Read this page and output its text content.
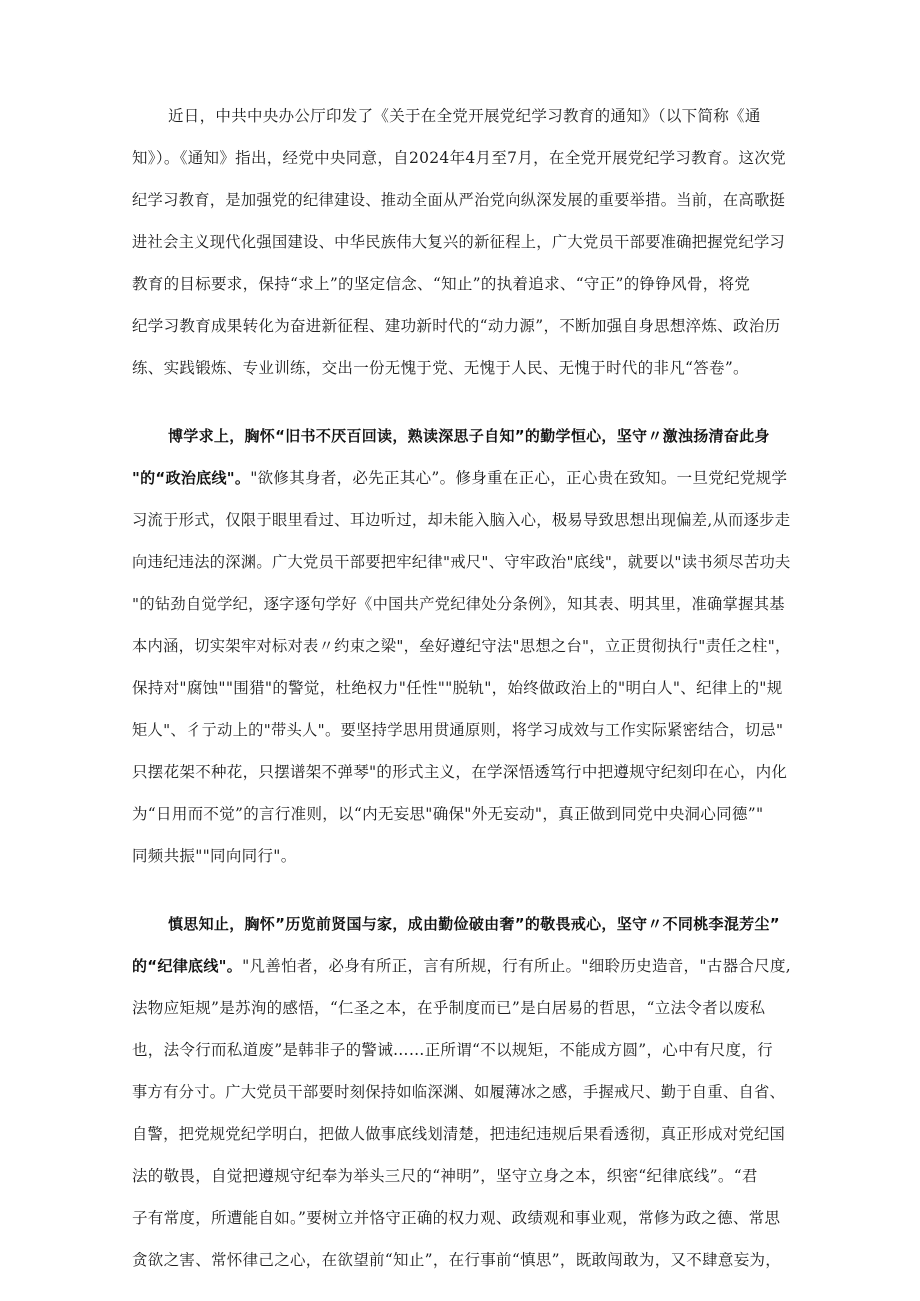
近日，中共中央办公厅印发了《关于在全党开展党纪学习教育的通知》（以下简称《通
知》）。《通知》指出，经党中央同意，自2024年4月至7月，在全党开展党纪学习教育。这次党
纪学习教育，是加强党的纪律建设、推动全面从严治党向纵深发展的重要举措。当前，在高歌挺
进社会主义现代化强国建设、中华民族伟大复兴的新征程上，广大党员干部要准确把握党纪学习
教育的目标要求，保持“求上”的坚定信念、“知止”的执着追求、“守正”的铮铮风骨，将党
纪学习教育成果转化为奋进新征程、建功新时代的“动力源”，不断加强自身思想淬炼、政治历
练、实践锻炼、专业训练，交出一份无愧于党、无愧于人民、无愧于时代的非凡“答卷”。
博学求上，胸怀“旧书不厌百回读，熟读深思子自知”的勤学恒心，坚守〃激浊扬清奋此身
"的“政治底线"。"欲修其身者，必先正其心”。修身重在正心，正心贵在致知。一旦党纪党规学
习流于形式，仅限于眼里看过、耳边听过，却未能入脑入心，极易导致思想出现偏差,从而逐步走
向违纪违法的深渊。广大党员干部要把牢纪律"戒尺"、守牢政治"底线"，就要以"读书须尽苦功夫
"的钻劲自觉学纪，逐字逐句学好《中国共产党纪律处分条例》，知其表、明其里，准确掌握其基
本内涵，切实架牢对标对表〃约束之梁"，垒好遵纪守法"思想之台"，立正贯彻执行"责任之柱"，
保持对"腐蚀""围猎"的警觉，杜绝权力"任性""脱轨"，始终做政治上的"明白人"、纪律上的"规
矩人"、彳亍动上的"带头人"。要坚持学思用贯通原则，将学习成效与工作实际紧密结合，切忌"
只摆花架不种花，只摆谱架不弹琴"的形式主义，在学深悟透笃行中把遵规守纪刻印在心，内化
为“日用而不觉”的言行准则，以“内无妄思"确保"外无妄动"，真正做到同党中央洞心同德”"
同频共振""同向同行"。
慎思知止，胸怀”历览前贤国与家，成由勤俭破由奢”的敬畏戒心，坚守〃不同桃李混芳尘”
的“纪律底线"。"凡善怕者，必身有所正，言有所规，行有所止。"细聆历史造音，"古器合尺度,
法物应矩规”是苏洵的感悟，“仁圣之本，在乎制度而已”是白居易的哲思，“立法令者以废私
也，法令行而私道废”是韩非子的警诫……正所谓“不以规矩，不能成方圆”，心中有尺度，行
事方有分寸。广大党员干部要时刻保持如临深渊、如履薄冰之感，手握戒尺、勤于自重、自省、
自警，把党规党纪学明白，把做人做事底线划清楚，把违纪违规后果看透彻，真正形成对党纪国
法的敬畏，自觉把遵规守纪奉为举头三尺的“神明”，坚守立身之本，织密“纪律底线”。“君
子有常度，所遭能自如。”要树立并恪守正确的权力观、政绩观和事业观，常修为政之德、常思
贪欲之害、常怀律己之心，在欲望前“知止”，在行事前“慎思”，既敢闯敢为，又不肆意妄为，
